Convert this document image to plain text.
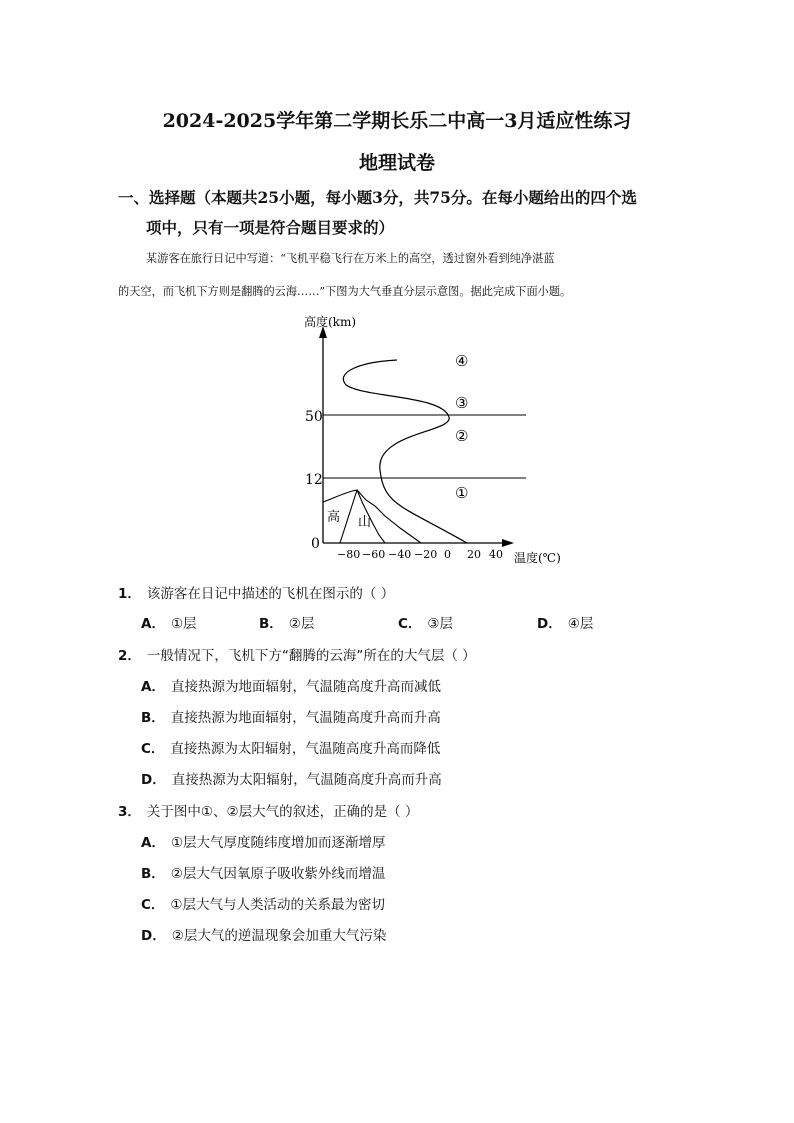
2024-2025学年第二学期长乐二中高一3月适应性练习
地理试卷
一、选择题（本题共25小题，每小题3分，共75分。在每小题给出的四个选
项中，只有一项是符合题目要求的）
某游客在旅行日记中写道：“飞机平稳飞行在万米上的高空，透过窗外看到纯净湛蓝
的天空，而飞机下方则是翻腾的云海……”下图为大气垂直分层示意图。据此完成下面小题。
高度(km)
温度(℃)
0
12
50
−80 −60 −40 −20 0 20 40
①
②
③
④
高 山
1． 该游客在日记中描述的飞机在图示的（ ）
A． ①层	B． ②层	C． ③层	D． ④层
2． 一般情况下，飞机下方“翻腾的云海”所在的大气层（ ）
A． 直接热源为地面辐射，气温随高度升高而减低
B． 直接热源为地面辐射，气温随高度升高而升高
C． 直接热源为太阳辐射，气温随高度升高而降低
D． 直接热源为太阳辐射，气温随高度升高而升高
3． 关于图中①、②层大气的叙述，正确的是（ ）
A． ①层大气厚度随纬度增加而逐渐增厚
B． ②层大气因氧原子吸收紫外线而增温
C． ①层大气与人类活动的关系最为密切
D． ②层大气的逆温现象会加重大气污染
